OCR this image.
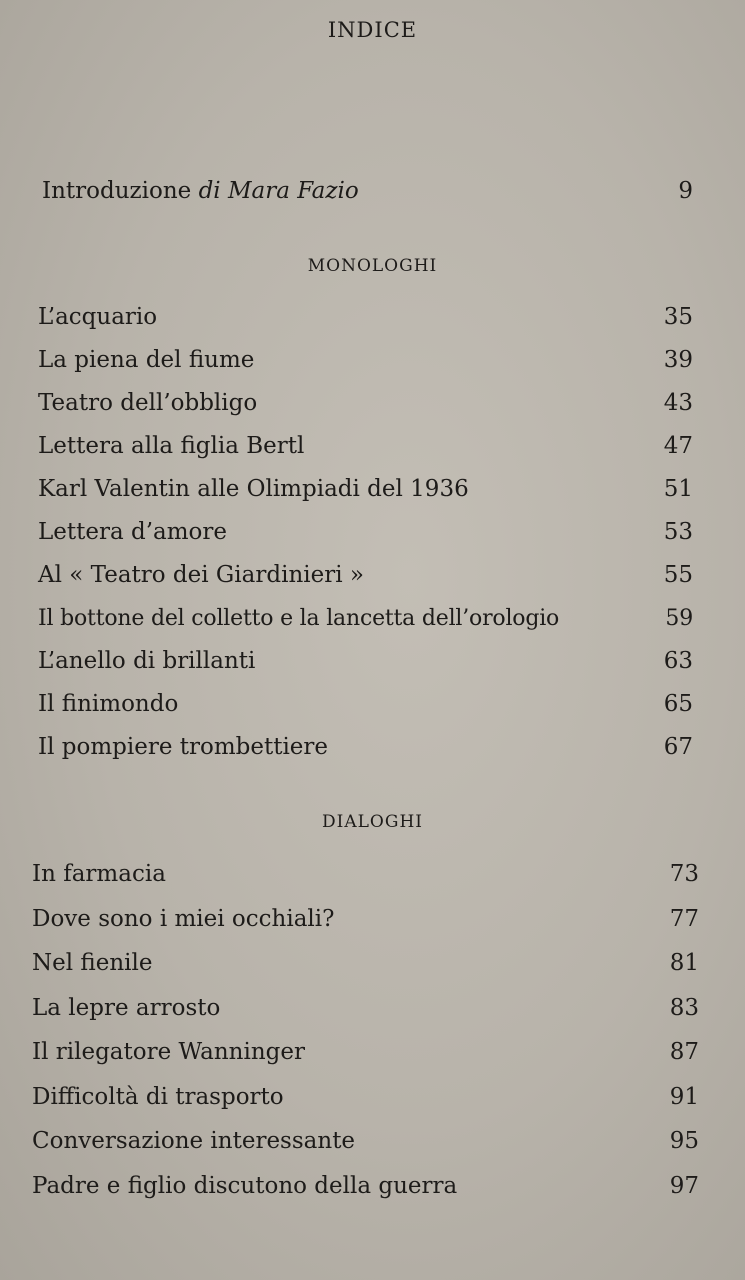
INDICE
Introduzione di Mara Fazio	9
MONOLOGHI
L’acquario	35
La piena del fiume	39
Teatro dell’obbligo	43
Lettera alla figlia Bertl	47
Karl Valentin alle Olimpiadi del 1936	51
Lettera d’amore	53
Al « Teatro dei Giardinieri »	55
Il bottone del colletto e la lancetta dell’orologio	59
L’anello di brillanti	63
Il finimondo	65
Il pompiere trombettiere	67
DIALOGHI
In farmacia	73
Dove sono i miei occhiali?	77
Nel fienile	81
La lepre arrosto	83
Il rilegatore Wanninger	87
Difficoltà di trasporto	91
Conversazione interessante	95
Padre e figlio discutono della guerra	97
